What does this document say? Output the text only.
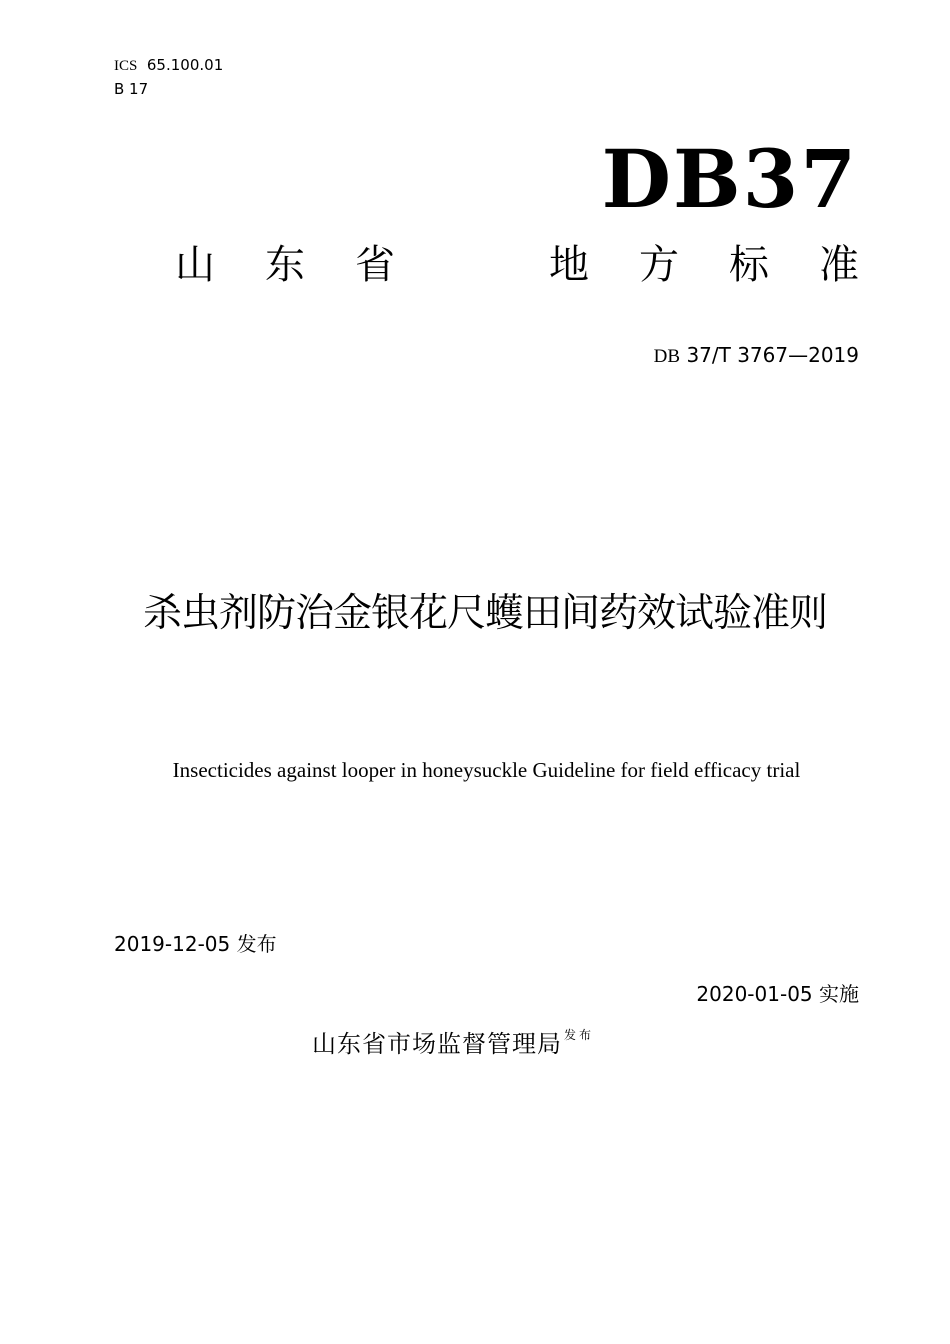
ICS 65.100.01
B 17
DB37
山 东 省	地 方 标 准
DB 37/T 3767—2019
杀虫剂防治金银花尺蠖田间药效试验准则
Insecticides against looper in honeysuckle Guideline for field efficacy trial
2019-12-05 发布
2020-01-05 实施
山东省市场监督管理局 $^{发布}$
